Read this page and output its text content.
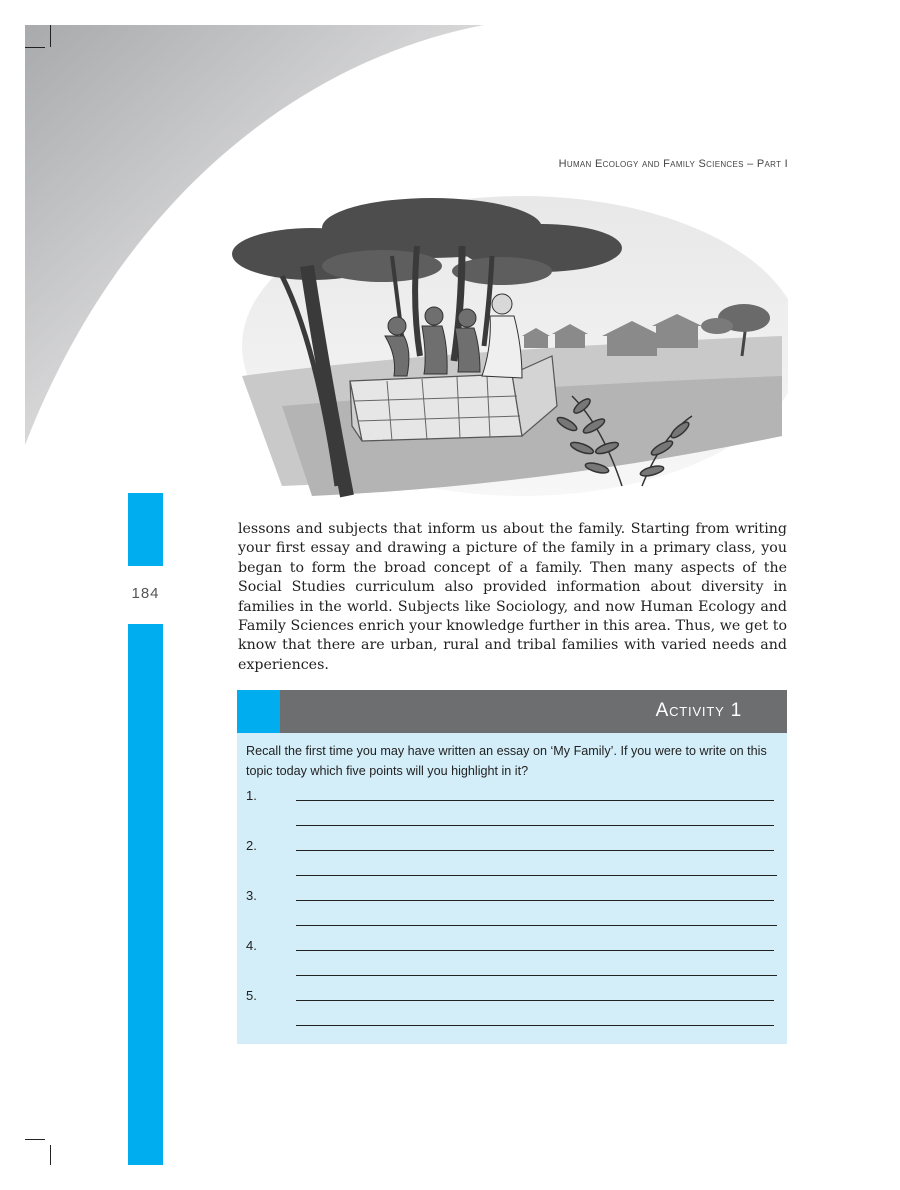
Human Ecology and Family Sciences – Part I
184
lessons and subjects that inform us about the family. Starting from writing your first essay and drawing a picture of the family in a primary class, you began to form the broad concept of a family. Then many aspects of the Social Studies curriculum also provided information about diversity in families in the world. Subjects like Sociology, and now Human Ecology and Family Sciences enrich your knowledge further in this area. Thus, we get to know that there are urban, rural and tribal families with varied needs and experiences.
Activity 1
Recall the first time you may have written an essay on ‘My Family’. If you were to write on this topic today which five points will you highlight in it?
1.
2.
3.
4.
5.
